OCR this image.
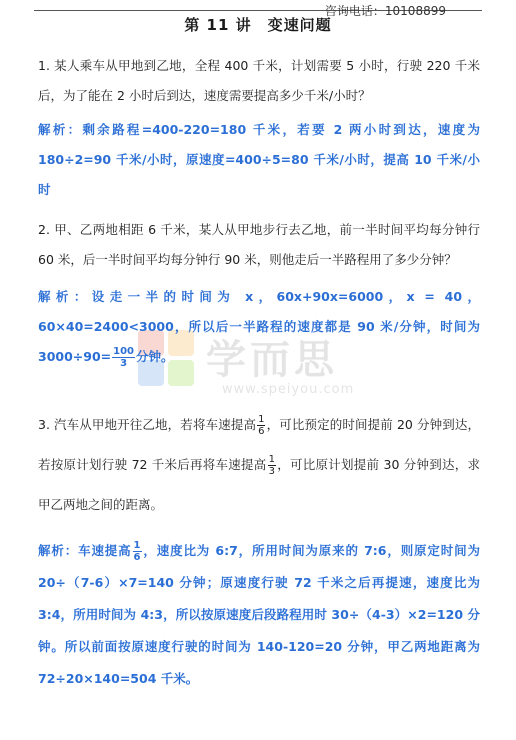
咨询电话：10108899
第 11 讲　变速问题
学而思
www.speiyou.com
1. 某人乘车从甲地到乙地，全程 400 千米，计划需要 5 小时，行驶 220 千米后，为了能在 2 小时后到达，速度需要提高多少千米/小时？
解析：剩余路程=400-220=180 千米，若要 2 两小时到达，速度为 180÷2=90 千米/小时，原速度=400÷5=80 千米/小时，提高 10 千米/小时
2. 甲、乙两地相距 6 千米，某人从甲地步行去乙地，前一半时间平均每分钟行 60 米，后一半时间平均每分钟行 90 米，则他走后一半路程用了多少分钟？
解析：设走一半的时间为 x，60x+90x=6000，x = 40，60×40=2400<3000，所以后一半路程的速度都是 90 米/分钟，时间为 $3000\div 90= \frac{100}{3}$ 分钟。
3. 汽车从甲地开往乙地，若将车速提高 $\frac{1}{6}$ ，可比预定的时间提前 20 分钟到达，若按原计划行驶 72 千米后再将车速提高 $\frac{1}{3}$ ，可比原计划提前 30 分钟到达，求甲乙两地之间的距离。
解析：车速提高 $\frac{1}{6}$ ，速度比为 6:7，所用时间为原来的 7:6，则原定时间为 20÷（7-6）×7=140 分钟；原速度行驶 72 千米之后再提速，速度比为 3:4，所用时间为 4:3，所以按原速度后段路程用时 30÷（4-3）×2=120 分钟。所以前面按原速度行驶的时间为 140-120=20 分钟，甲乙两地距离为 72÷20×140=504 千米。
